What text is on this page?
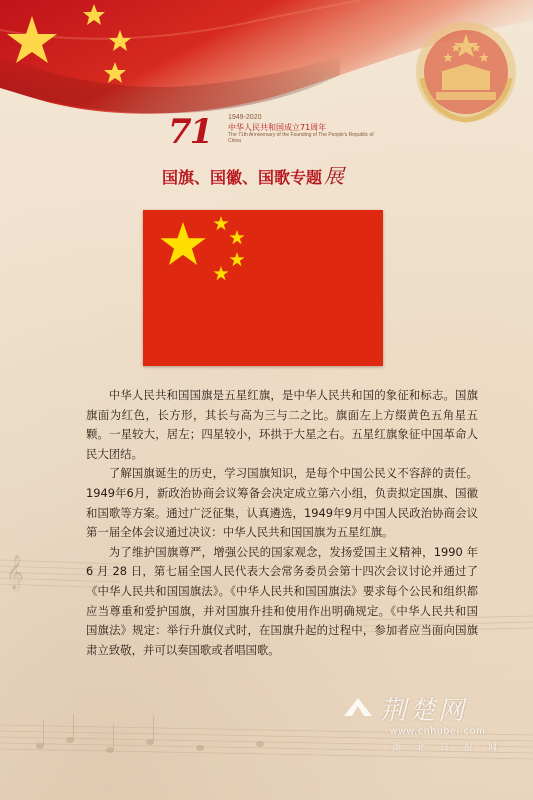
71 1949-2020
中华人民共和国成立71周年
The 71th Anniversary of the Founding of The People's Republic of China
国旗、国徽、国歌专题 展
𝄞

中华人民共和国国旗是五星红旗，是中华人民共和国的象征和标志。国旗旗面为红色，长方形，其长与高为三与二之比。旗面左上方缀黄色五角星五颗。一星较大，居左；四星较小，环拱于大星之右。五星红旗象征中国革命人民大团结。

了解国旗诞生的历史，学习国旗知识，是每个中国公民义不容辞的责任。1949年6月，新政治协商会议筹备会决定成立第六小组，负责拟定国旗、国徽和国歌等方案。通过广泛征集，认真遴选，1949年9月中国人民政治协商会议第一届全体会议通过决议：中华人民共和国国旗为五星红旗。

为了维护国旗尊严，增强公民的国家观念，发扬爱国主义精神，1990 年 6 月 28 日，第七届全国人民代表大会常务委员会第十四次会议讨论并通过了《中华人民共和国国旗法》。《中华人民共和国国旗法》要求每个公民和组织都应当尊重和爱护国旗，并对国旗升挂和使用作出明确规定。《中华人民共和国国旗法》规定：举行升旗仪式时，在国旗升起的过程中，参加者应当面向国旗肃立致敬，并可以奏国歌或者唱国歌。

荆楚网
www.cnhubei.com
湖北日报网
